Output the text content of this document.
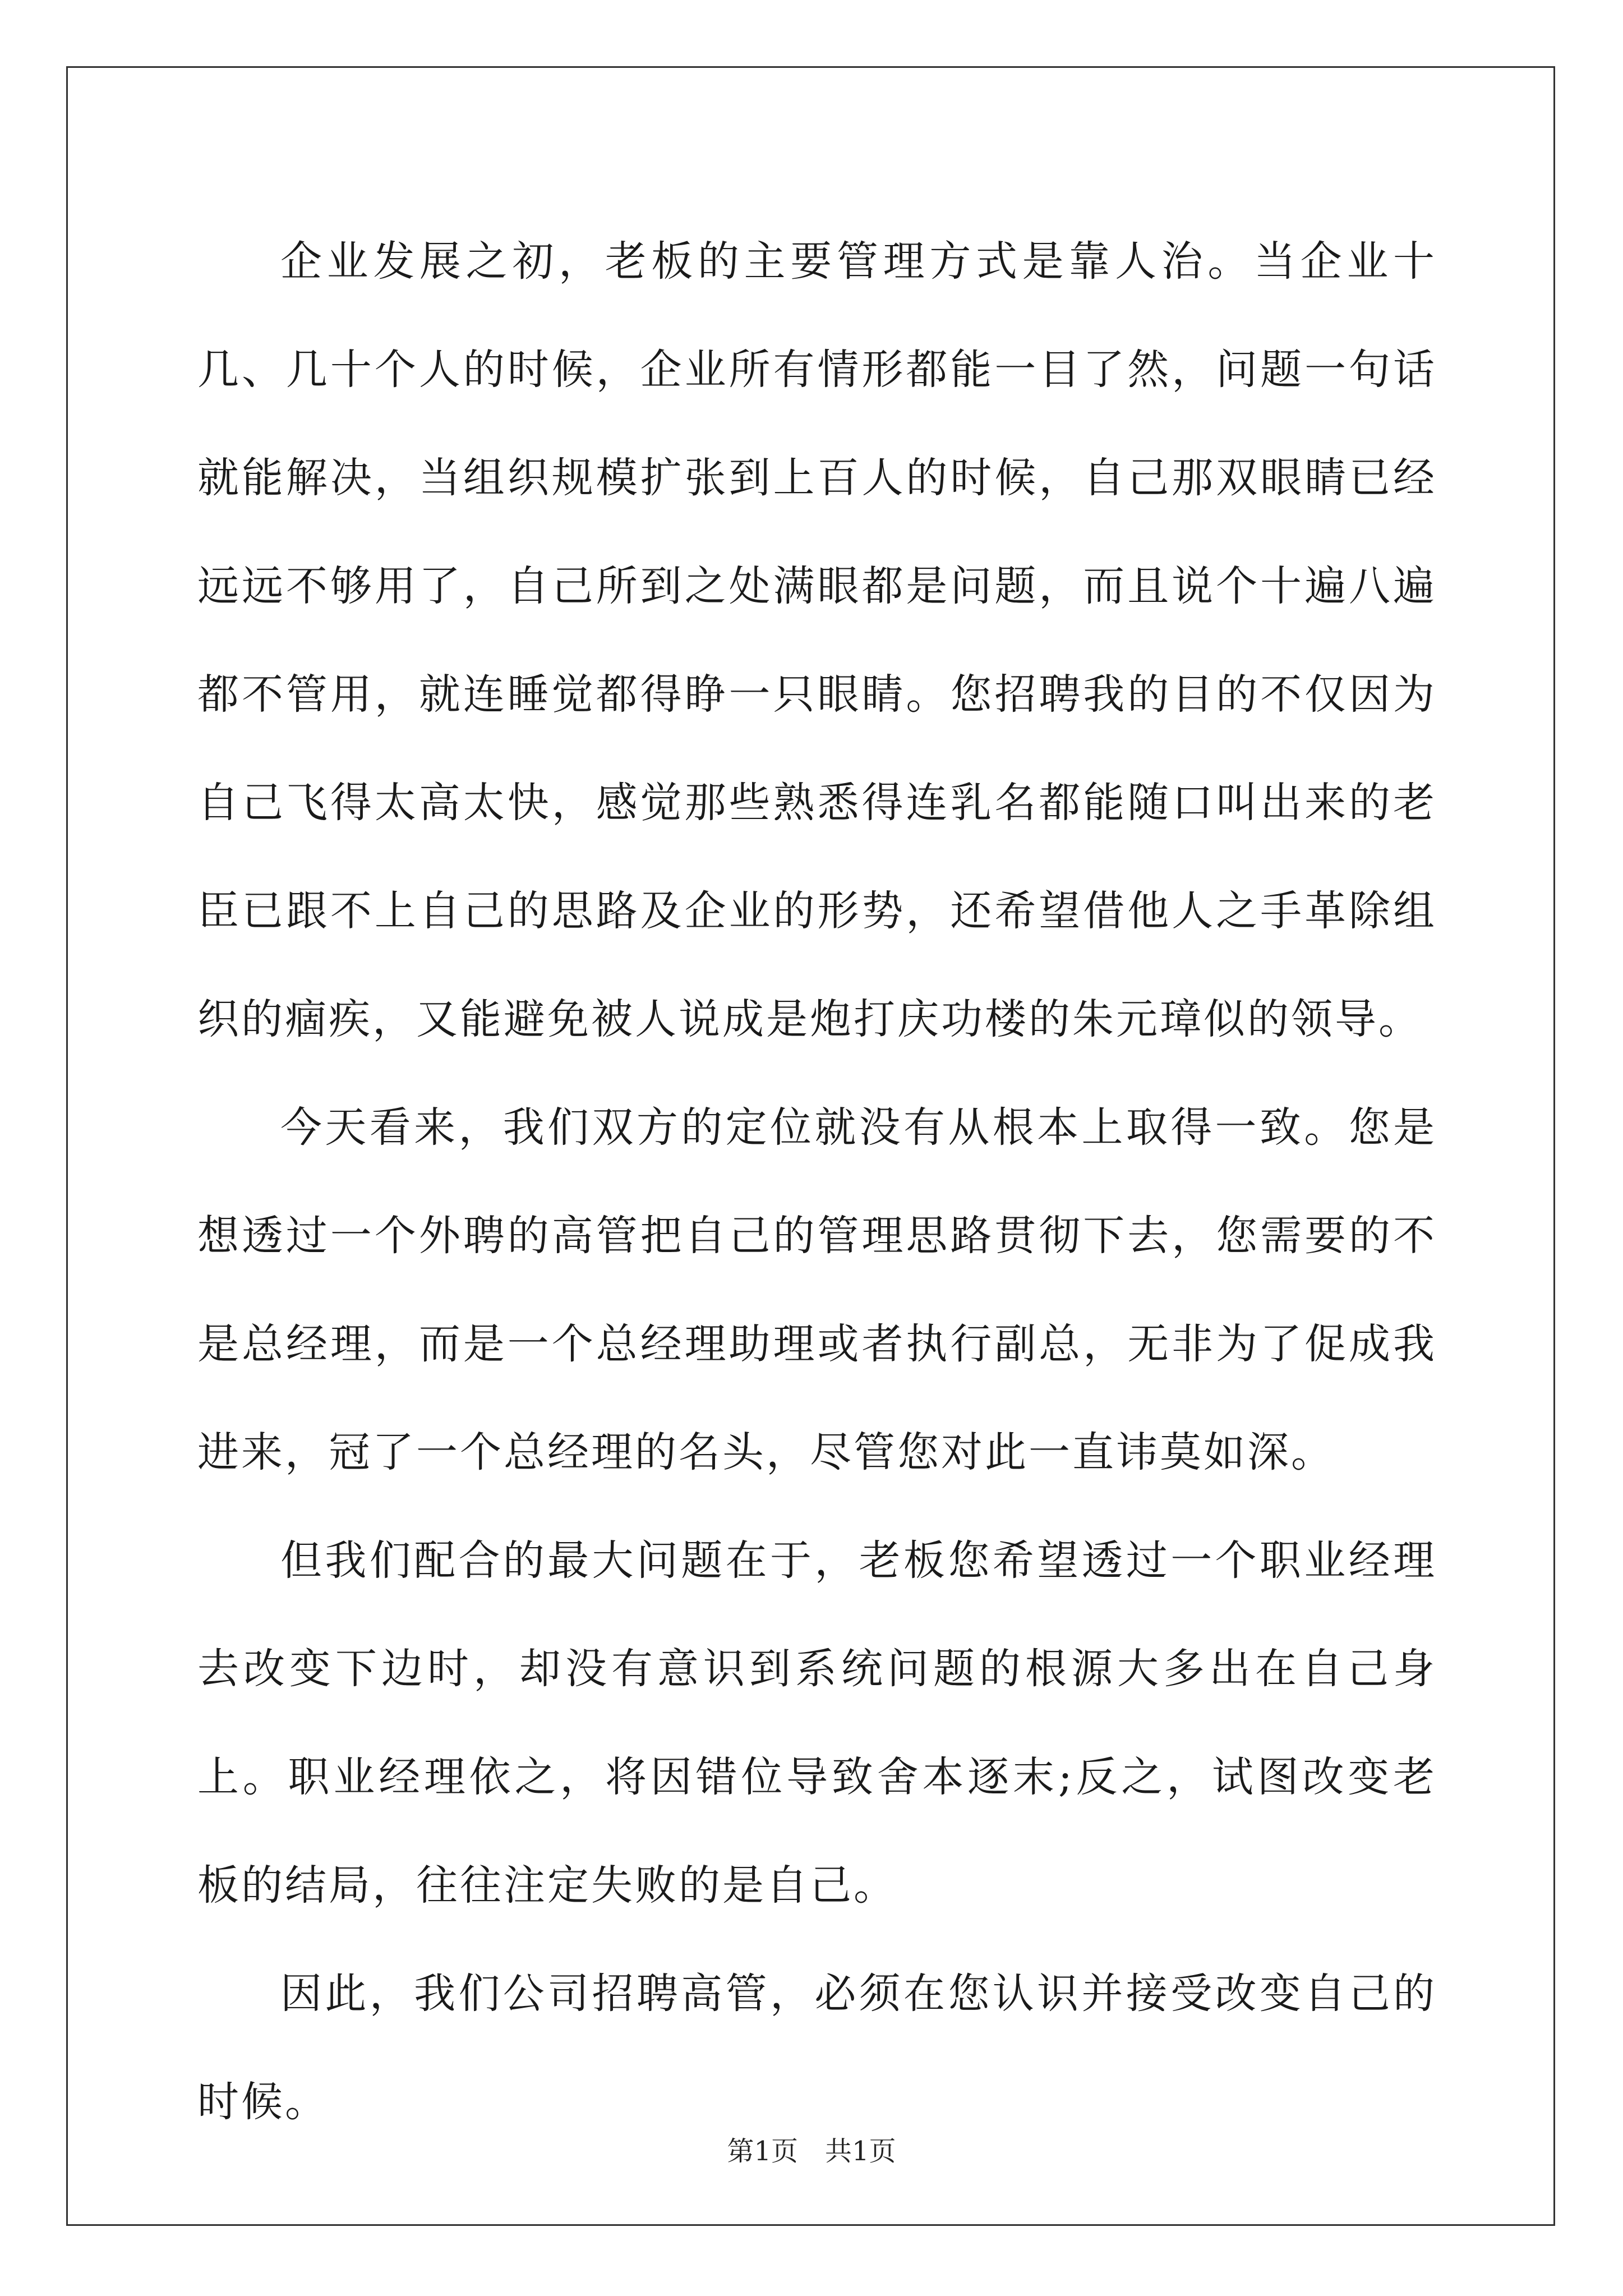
企业发展之初，老板的主要管理方式是靠人治。当企业十几、几十个人的时候，企业所有情形都能一目了然，问题一句话就能解决，当组织规模扩张到上百人的时候，自己那双眼睛已经远远不够用了，自己所到之处满眼都是问题，而且说个十遍八遍都不管用，就连睡觉都得睁一只眼睛。您招聘我的目的不仅因为自己飞得太高太快，感觉那些熟悉得连乳名都能随口叫出来的老臣已跟不上自己的思路及企业的形势，还希望借他人之手革除组织的痼疾，又能避免被人说成是炮打庆功楼的朱元璋似的领导。

今天看来，我们双方的定位就没有从根本上取得一致。您是想透过一个外聘的高管把自己的管理思路贯彻下去，您需要的不是总经理，而是一个总经理助理或者执行副总，无非为了促成我进来，冠了一个总经理的名头，尽管您对此一直讳莫如深。

但我们配合的最大问题在于，老板您希望透过一个职业经理去改变下边时，却没有意识到系统问题的根源大多出在自己身上。职业经理依之，将因错位导致舍本逐末;反之，试图改变老板的结局，往往注定失败的是自己。

因此，我们公司招聘高管，必须在您认识并接受改变自己的时候。

第1页　共1页
